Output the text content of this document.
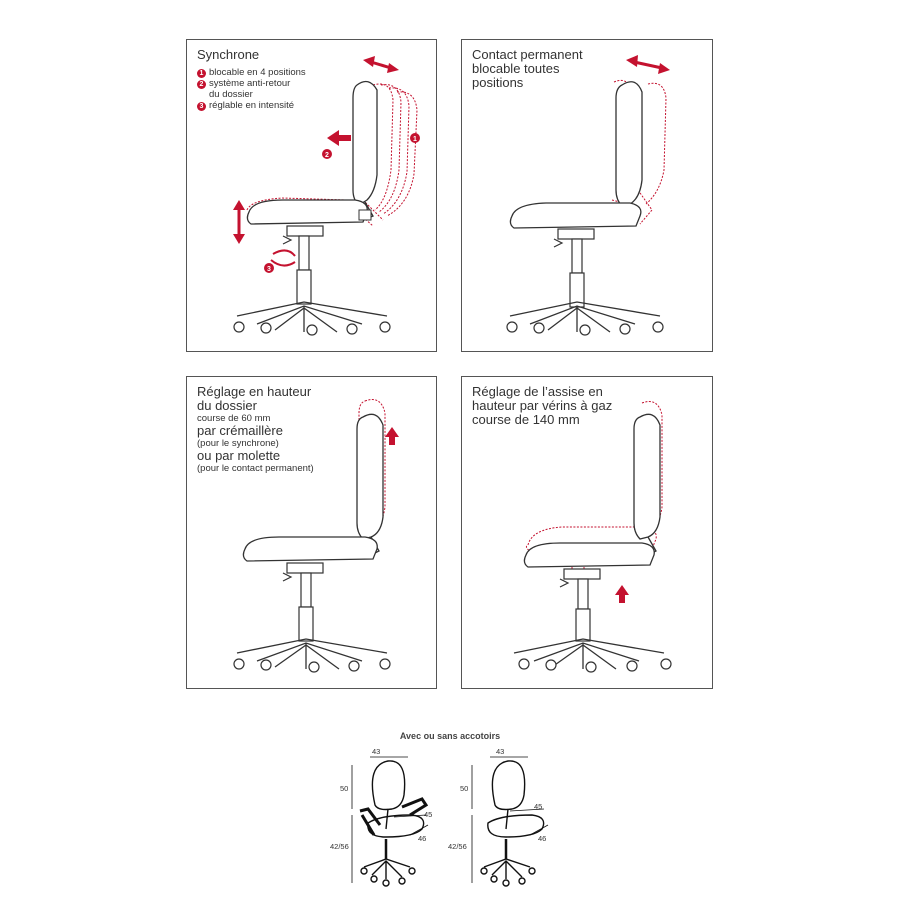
Synchrone
1 blocable en 4 positions
2 système anti-retour
du dossier
3 réglable en intensité
1
2
3
Contact permanent
blocable toutes
positions
Réglage en hauteur
du dossier
course de 60 mm
par crémaillère
(pour le synchrone)
ou par molette
(pour le contact permanent)
Réglage de l’assise en
hauteur par vérins à gaz
course de 140 mm
Avec ou sans accotoirs
43
50
42/56
45
46
43
50
42/56
45
46
